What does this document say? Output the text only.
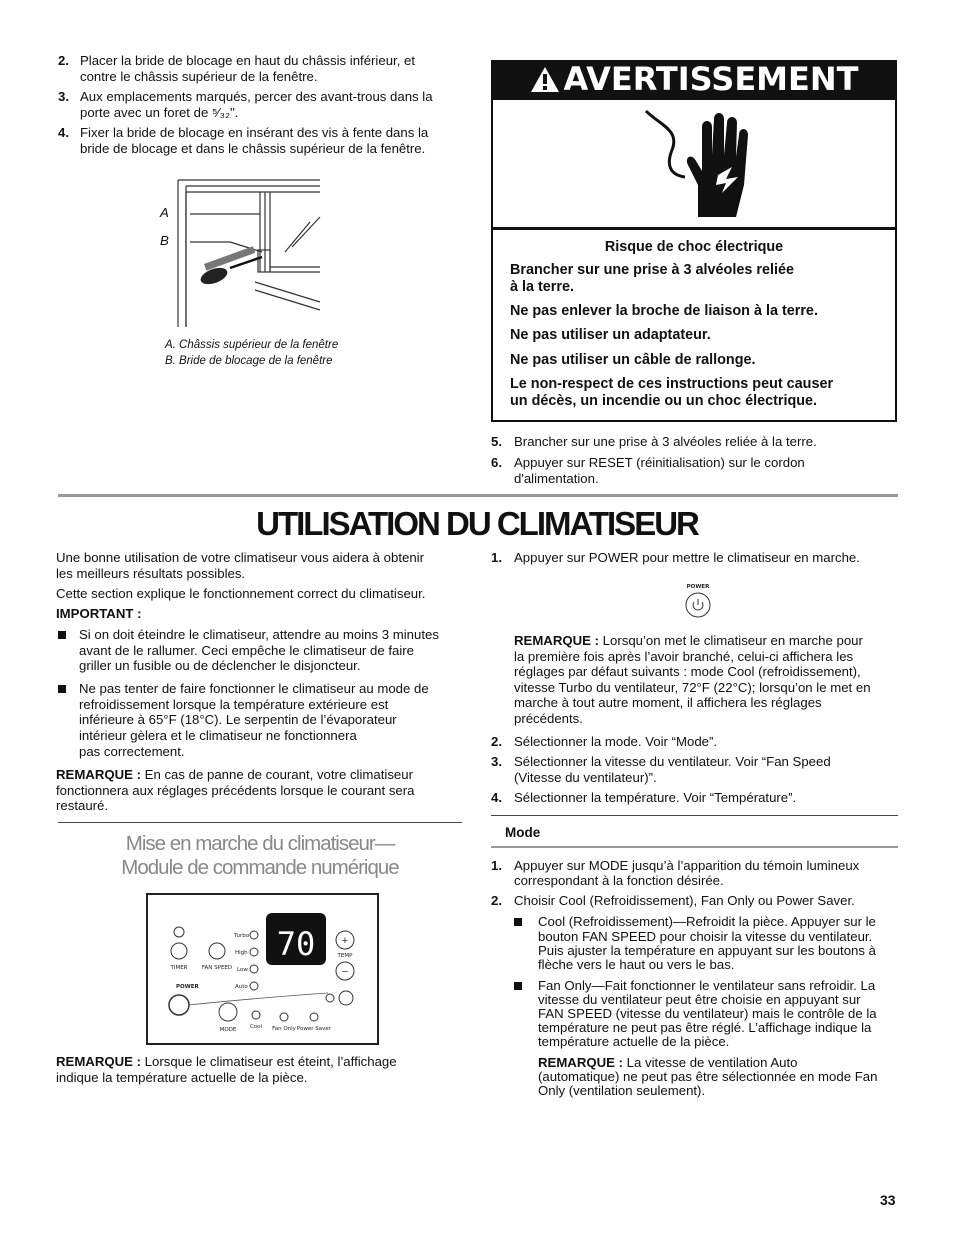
2. Placer la bride de blocage en haut du châssis inférieur, et

contre le châssis supérieur de la fenêtre.

3. Aux emplacements marqués, percer des avant-trous dans la

porte avec un foret de ⁵⁄₃₂".

4. Fixer la bride de blocage en insérant des vis à fente dans la

bride de blocage et dans le châssis supérieur de la fenêtre.

A
B

A. Châssis supérieur de la fenêtre

B. Bride de blocage de la fenêtre

AVERTISSEMENT

Risque de choc électrique

Brancher sur une prise à 3 alvéoles reliée

à la terre.

Ne pas enlever la broche de liaison à la terre.

Ne pas utiliser un adaptateur.

Ne pas utiliser un câble de rallonge.

Le non-respect de ces instructions peut causer

un décès, un incendie ou un choc électrique.

5. Brancher sur une prise à 3 alvéoles reliée à la terre.

6. Appuyer sur RESET (réinitialisation) sur le cordon

d'alimentation.

UTILISATION DU CLIMATISEUR

Une bonne utilisation de votre climatiseur vous aidera à obtenir

les meilleurs résultats possibles.

Cette section explique le fonctionnement correct du climatiseur.

IMPORTANT :

Si on doit éteindre le climatiseur, attendre au moins 3 minutes

avant de le rallumer. Ceci empêche le climatiseur de faire

griller un fusible ou de déclencher le disjoncteur.

Ne pas tenter de faire fonctionner le climatiseur au mode de

refroidissement lorsque la température extérieure est

inférieure à 65°F (18°C). Le serpentin de l’évaporateur

intérieur gèlera et le climatiseur ne fonctionnera

pas correctement.

REMARQUE : En cas de panne de courant, votre climatiseur

fonctionnera aux réglages précédents lorsque le courant sera

restauré.

Mise en marche du climatiseur—
Module de commande numérique
70
TIMER	FAN SPEED
Turbo
High
Low
Auto
+
TEMP
−
POWER
MODE Cool Fan Only Power Saver

REMARQUE : Lorsque le climatiseur est éteint, l’affichage

indique la température actuelle de la pièce.

1. Appuyer sur POWER pour mettre le climatiseur en marche.

POWER

REMARQUE : Lorsqu’on met le climatiseur en marche pour

la première fois après l’avoir branché, celui-ci affichera les

réglages par défaut suivants : mode Cool (refroidissement),

vitesse Turbo du ventilateur, 72°F (22°C); lorsqu’on le met en

marche à tout autre moment, il affichera les réglages

précédents.

2. Sélectionner la mode. Voir “Mode”.

3. Sélectionner la vitesse du ventilateur. Voir “Fan Speed

(Vitesse du ventilateur)”.

4. Sélectionner la température. Voir “Température”.

Mode

1. Appuyer sur MODE jusqu’à l’apparition du témoin lumineux

correspondant à la fonction désirée.

2. Choisir Cool (Refroidissement), Fan Only ou Power Saver.

Cool (Refroidissement)—Refroidit la pièce. Appuyer sur le

bouton FAN SPEED pour choisir la vitesse du ventilateur.

Puis ajuster la température en appuyant sur les boutons à

flèche vers le haut ou vers le bas.

Fan Only—Fait fonctionner le ventilateur sans refroidir. La

vitesse du ventilateur peut être choisie en appuyant sur

FAN SPEED (vitesse du ventilateur) mais le contrôle de la

température ne peut pas être réglé. L’affichage indique la

température actuelle de la pièce.

REMARQUE : La vitesse de ventilation Auto

(automatique) ne peut pas être sélectionnée en mode Fan

Only (ventilation seulement).

33
